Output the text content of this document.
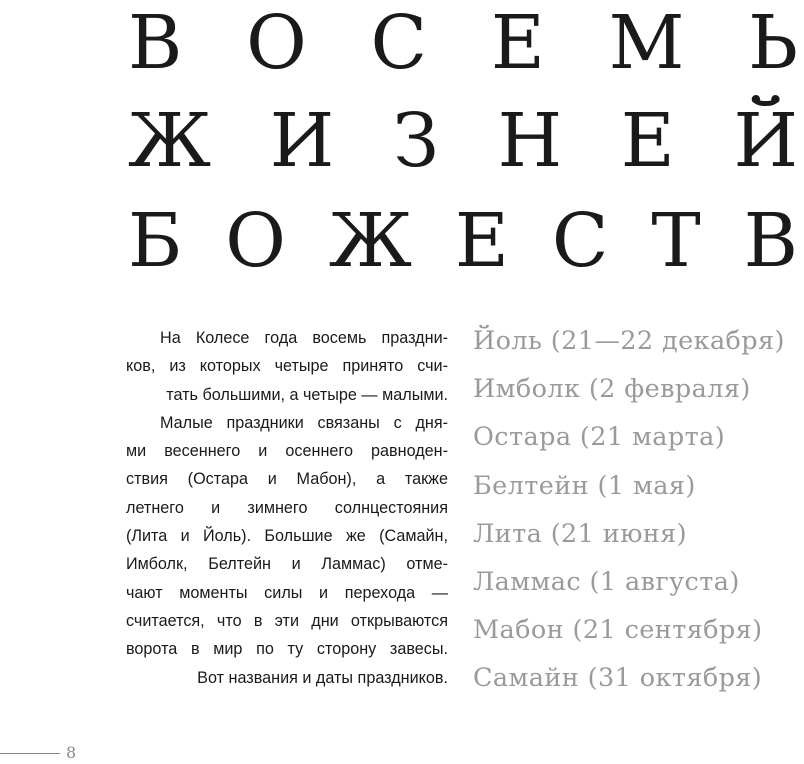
В О С Е М Ь
Ж И З Н Е Й
Б О Ж Е С Т В
На Колесе года восемь праздни-
ков, из которых четыре принято счи-
тать большими, а четыре — малыми.
Малые праздники связаны с дня-
ми весеннего и осеннего равноден-
ствия (Остара и Мабон), а также
летнего и зимнего солнцестояния
(Лита и Йоль). Большие же (Самайн,
Имболк, Белтейн и Ламмас) отме-
чают моменты силы и перехода —
считается, что в эти дни открываются
ворота в мир по ту сторону завесы.
Вот названия и даты праздников.
Йоль (21—22 декабря)
Имболк (2 февраля)
Остара (21 марта)
Белтейн (1 мая)
Лита (21 июня)
Ламмас (1 августа)
Мабон (21 сентября)
Самайн (31 октября)
8
